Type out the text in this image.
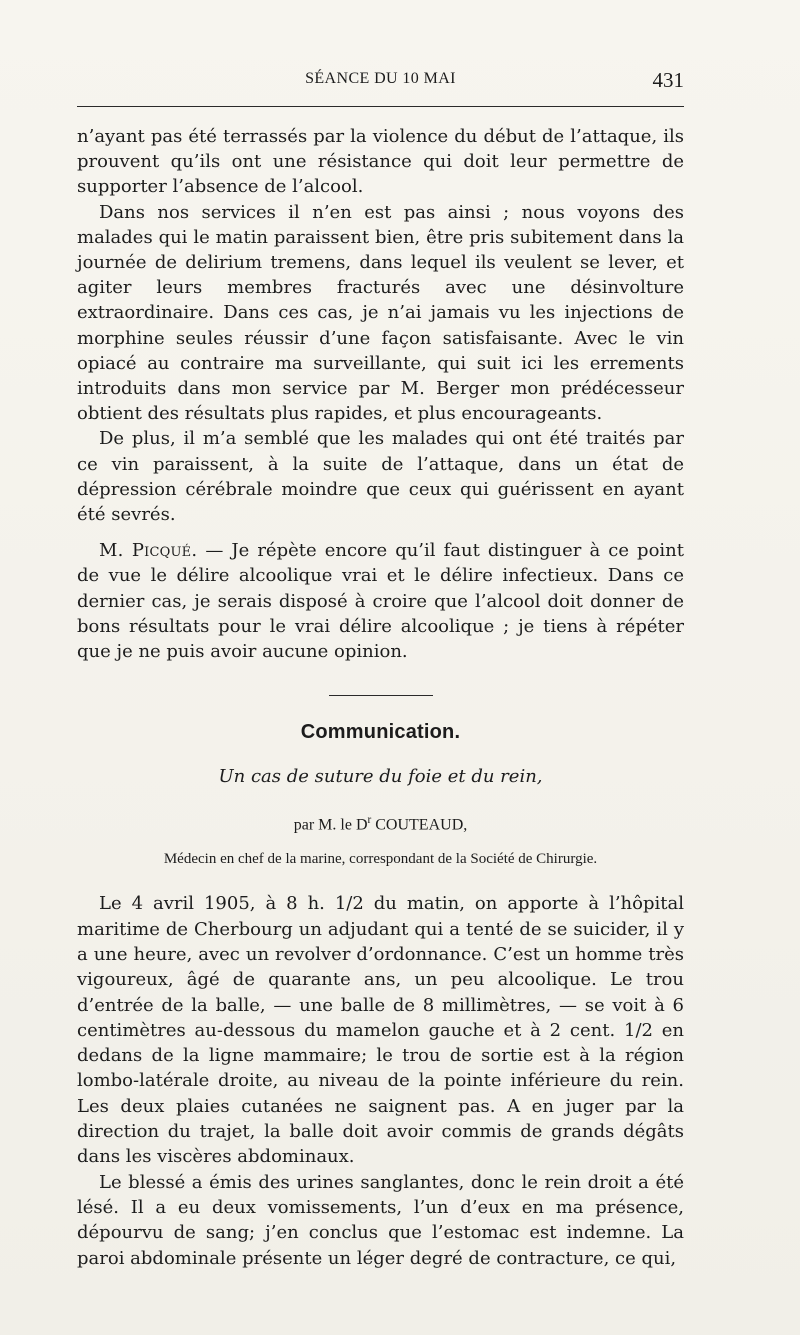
SÉANCE DU 10 MAI	431

n’ayant pas été terrassés par la violence du début de l’attaque, ils prouvent qu’ils ont une résistance qui doit leur permettre de supporter l’absence de l’alcool.

Dans nos services il n’en est pas ainsi ; nous voyons des malades qui le matin paraissent bien, être pris subitement dans la journée de delirium tremens, dans lequel ils veulent se lever, et agiter leurs membres fracturés avec une désinvolture extraordinaire. Dans ces cas, je n’ai jamais vu les injections de morphine seules réussir d’une façon satisfaisante. Avec le vin opiacé au contraire ma surveillante, qui suit ici les errements introduits dans mon service par M. Berger mon prédécesseur obtient des résultats plus rapides, et plus encourageants.

De plus, il m’a semblé que les malades qui ont été traités par ce vin paraissent, à la suite de l’attaque, dans un état de dépression cérébrale moindre que ceux qui guérissent en ayant été sevrés.

M. Picqué. — Je répète encore qu’il faut distinguer à ce point de vue le délire alcoolique vrai et le délire infectieux. Dans ce dernier cas, je serais disposé à croire que l’alcool doit donner de bons résultats pour le vrai délire alcoolique ; je tiens à répéter que je ne puis avoir aucune opinion.

Communication.
Un cas de suture du foie et du rein,
par M. le $D^r$ COUTEAUD,
Médecin en chef de la marine, correspondant de la Société de Chirurgie.

Le 4 avril 1905, à 8 h. 1/2 du matin, on apporte à l’hôpital maritime de Cherbourg un adjudant qui a tenté de se suicider, il y a une heure, avec un revolver d’ordonnance. C’est un homme très vigoureux, âgé de quarante ans, un peu alcoolique. Le trou d’entrée de la balle, — une balle de 8 millimètres, — se voit à 6 centimètres au-dessous du mamelon gauche et à 2 cent. 1/2 en dedans de la ligne mammaire; le trou de sortie est à la région lombo-latérale droite, au niveau de la pointe inférieure du rein. Les deux plaies cutanées ne saignent pas. A en juger par la direction du trajet, la balle doit avoir commis de grands dégâts dans les viscères abdominaux.

Le blessé a émis des urines sanglantes, donc le rein droit a été lésé. Il a eu deux vomissements, l’un d’eux en ma présence, dépourvu de sang; j’en conclus que l’estomac est indemne. La paroi abdominale présente un léger degré de contracture, ce qui,
